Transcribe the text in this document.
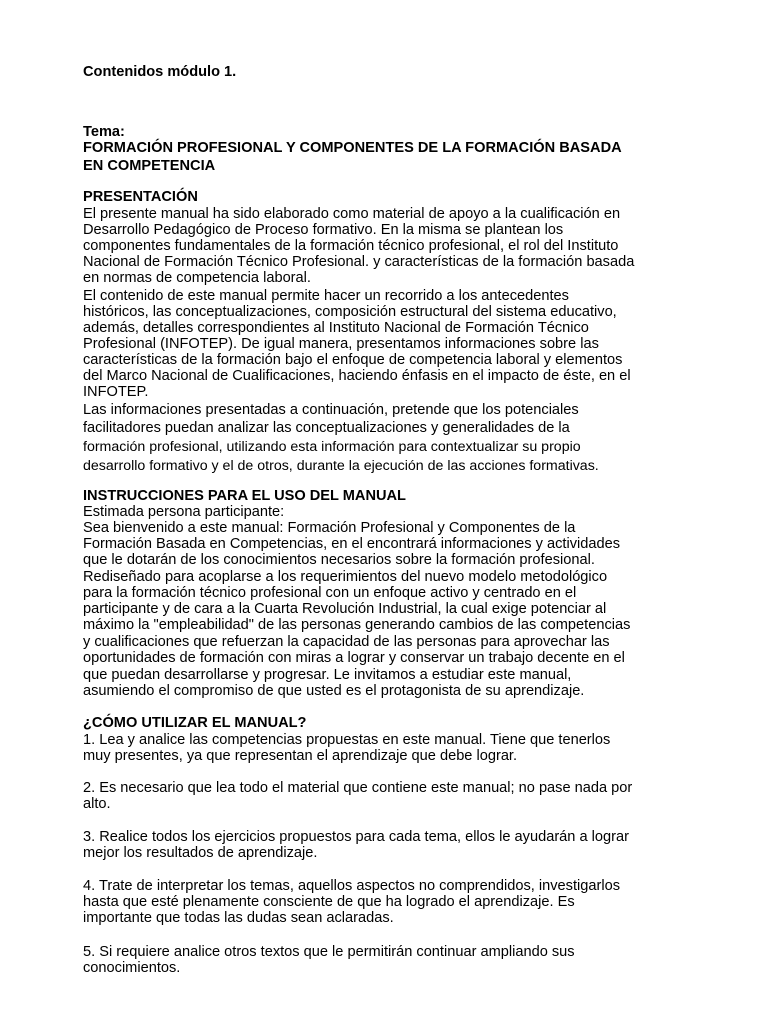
Contenidos módulo 1.

Tema:

FORMACIÓN PROFESIONAL Y COMPONENTES DE LA FORMACIÓN BASADA

EN COMPETENCIA

PRESENTACIÓN

El presente manual ha sido elaborado como material de apoyo a la cualificación en

Desarrollo Pedagógico de Proceso formativo. En la misma se plantean los

componentes fundamentales de la formación técnico profesional, el rol del Instituto

Nacional de Formación Técnico Profesional. y características de la formación basada

en normas de competencia laboral.

El contenido de este manual permite hacer un recorrido a los antecedentes

históricos, las conceptualizaciones, composición estructural del sistema educativo,

además, detalles correspondientes al Instituto Nacional de Formación Técnico

Profesional (INFOTEP). De igual manera, presentamos informaciones sobre las

características de la formación bajo el enfoque de competencia laboral y elementos

del Marco Nacional de Cualificaciones, haciendo énfasis en el impacto de éste, en el

INFOTEP.

Las informaciones presentadas a continuación, pretende que los potenciales

facilitadores puedan analizar las conceptualizaciones y generalidades de la

formación profesional, utilizando esta información para contextualizar su propio

desarrollo formativo y el de otros, durante la ejecución de las acciones formativas.

INSTRUCCIONES PARA EL USO DEL MANUAL

Estimada persona participante:

Sea bienvenido a este manual: Formación Profesional y Componentes de la

Formación Basada en Competencias, en el encontrará informaciones y actividades

que le dotarán de los conocimientos necesarios sobre la formación profesional.

Rediseñado para acoplarse a los requerimientos del nuevo modelo metodológico

para la formación técnico profesional con un enfoque activo y centrado en el

participante y de cara a la Cuarta Revolución Industrial, la cual exige potenciar al

máximo la "empleabilidad" de las personas generando cambios de las competencias

y cualificaciones que refuerzan la capacidad de las personas para aprovechar las

oportunidades de formación con miras a lograr y conservar un trabajo decente en el

que puedan desarrollarse y progresar. Le invitamos a estudiar este manual,

asumiendo el compromiso de que usted es el protagonista de su aprendizaje.

¿CÓMO UTILIZAR EL MANUAL?

1. Lea y analice las competencias propuestas en este manual. Tiene que tenerlos

muy presentes, ya que representan el aprendizaje que debe lograr.

2. Es necesario que lea todo el material que contiene este manual; no pase nada por

alto.

3. Realice todos los ejercicios propuestos para cada tema, ellos le ayudarán a lograr

mejor los resultados de aprendizaje.

4. Trate de interpretar los temas, aquellos aspectos no comprendidos, investigarlos

hasta que esté plenamente consciente de que ha logrado el aprendizaje. Es

importante que todas las dudas sean aclaradas.

5. Si requiere analice otros textos que le permitirán continuar ampliando sus

conocimientos.
